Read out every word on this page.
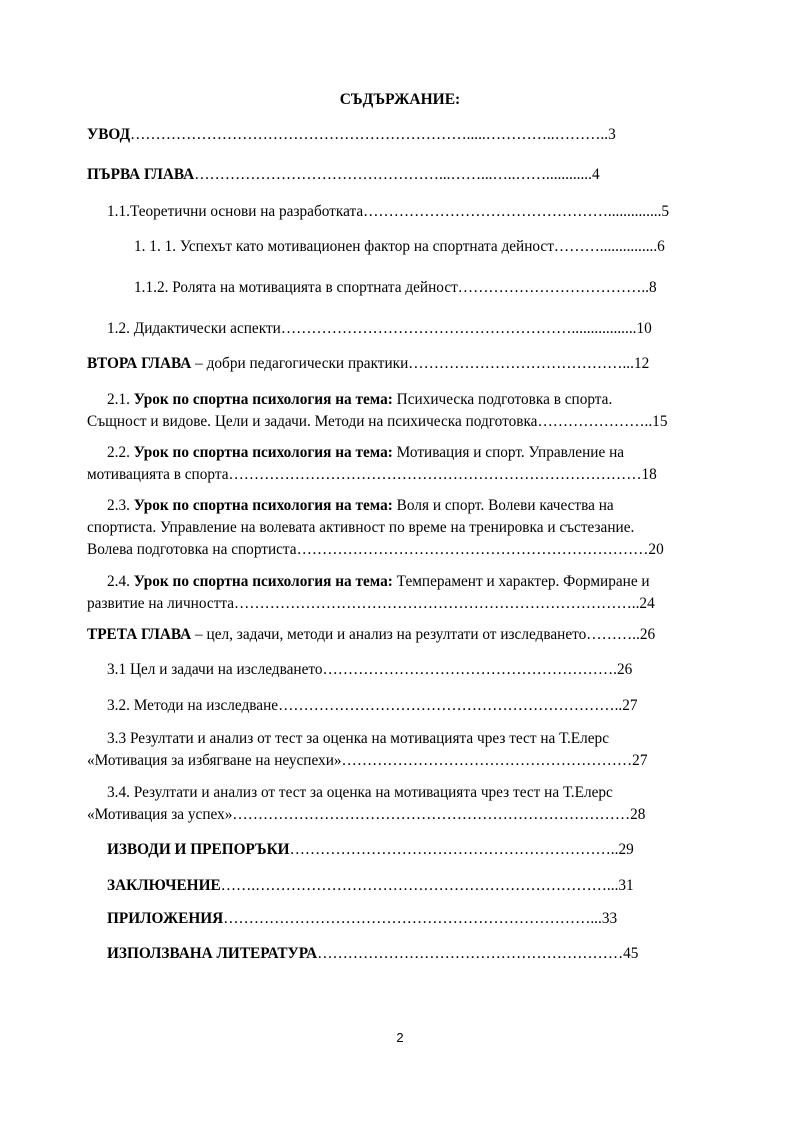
СЪДЪРЖАНИЕ:
УВОД………………………………………………………….....…………..………..3
ПЪРВА ГЛАВА…………………………………………...……...…..……............4
1.1.Теоретични основи на разработката…………………………………………..............5
1. 1. 1. Успехът като мотивационен фактор на спортната дейност………...............6
1.1.2. Ролята на мотивацията в спортната дейност………………………………..8
1.2. Дидактически аспекти………………………………………………….................10
ВТОРА ГЛАВА – добри педагогически практики……………………………………...12
2.1. Урок по спортна психология на тема: Психическа подготовка в спорта.
Същност и видове. Цели и задачи. Методи на психическа подготовка…………………..15
2.2. Урок по спортна психология на тема: Мотивация и спорт. Управление на
мотивацията в спорта………………………………………………………………………18
2.3. Урок по спортна психология на тема: Воля и спорт. Волеви качества на
спортиста. Управление на волевата активност по време на тренировка и състезание.
Волева подготовка на спортиста……………………………………………………………20
2.4. Урок по спортна психология на тема: Темперамент и характер. Формиране и
развитие на личността……………………………………………………………………..24
ТРЕТА ГЛАВА – цел, задачи, методи и анализ на резултати от изследването………..26
3.1 Цел и задачи на изследването………………………………………………….26
3.2. Методи на изследване…………………………………………………………..27
3.3 Резултати и анализ от тест за оценка на мотивацията чрез тест на Т.Елерс
«Мотивация за избягване на неуспехи»…………………………………………………27
3.4. Резултати и анализ от тест за оценка на мотивацията чрез тест на Т.Елерс
«Мотивация за успех»……………………………………………………………………28
ИЗВОДИ И ПРЕПОРЪКИ………………………………………………………..29
ЗАКЛЮЧЕНИЕ…….……………………………………………………………...31
ПРИЛОЖЕНИЯ………………………………………………………………...33
ИЗПОЛЗВАНА ЛИТЕРАТУРА……………………………………………………45
2
